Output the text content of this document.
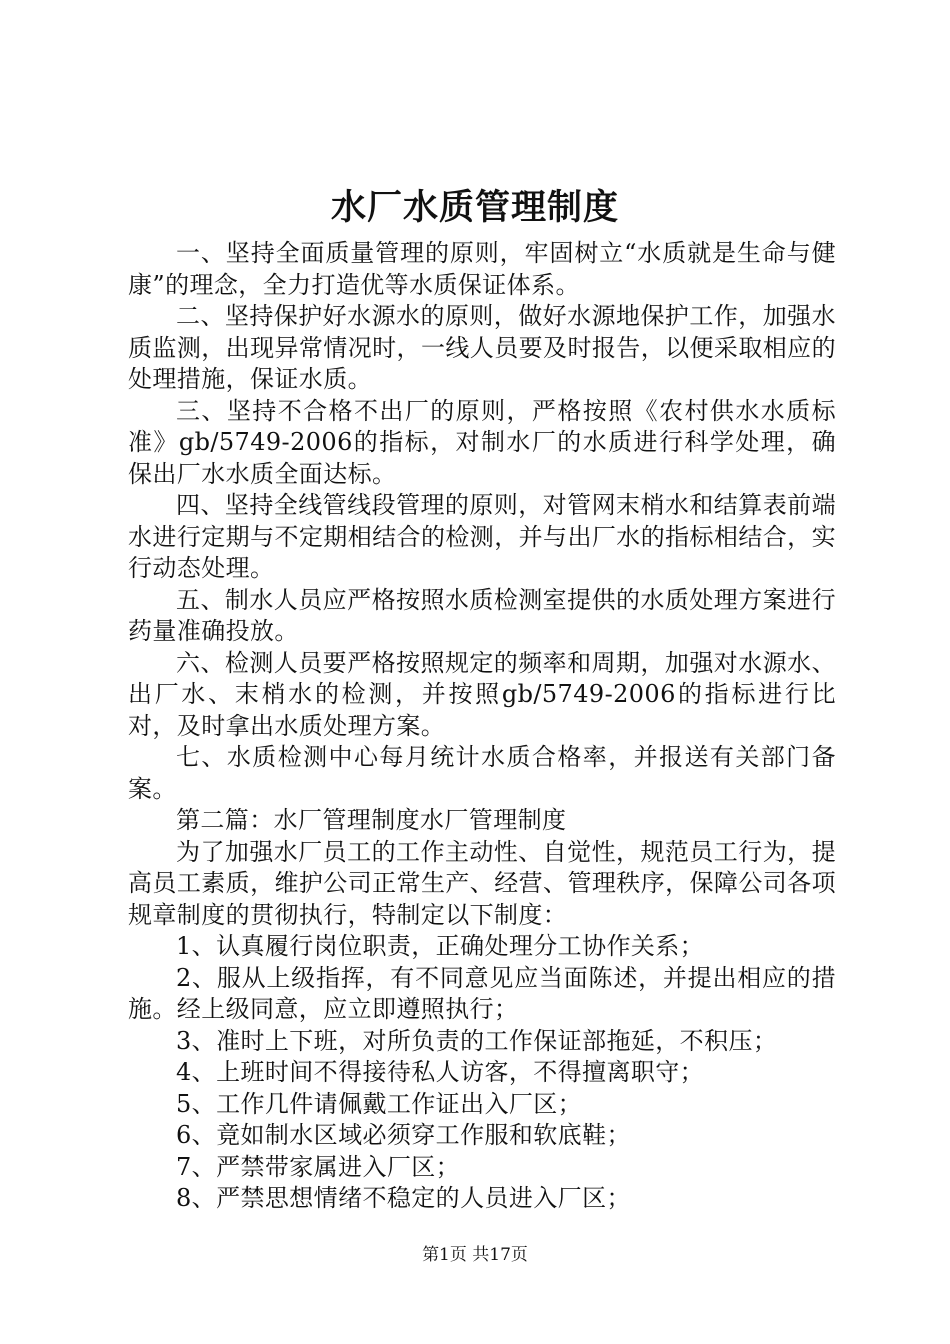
水厂水质管理制度

一、坚持全面质量管理的原则，牢固树立“水质就是生命与健康”的理念，全力打造优等水质保证体系。

二、坚持保护好水源水的原则，做好水源地保护工作，加强水质监测，出现异常情况时，一线人员要及时报告，以便采取相应的处理措施，保证水质。

三、坚持不合格不出厂的原则，严格按照《农村供水水质标准》gb/5749-2006的指标，对制水厂的水质进行科学处理，确保出厂水水质全面达标。

四、坚持全线管线段管理的原则，对管网末梢水和结算表前端水进行定期与不定期相结合的检测，并与出厂水的指标相结合，实行动态处理。

五、制水人员应严格按照水质检测室提供的水质处理方案进行药量准确投放。

六、检测人员要严格按照规定的频率和周期，加强对水源水、出厂水、末梢水的检测，并按照gb/5749-2006的指标进行比对，及时拿出水质处理方案。

七、水质检测中心每月统计水质合格率，并报送有关部门备案。

第二篇：水厂管理制度水厂管理制度

为了加强水厂员工的工作主动性、自觉性，规范员工行为，提高员工素质，维护公司正常生产、经营、管理秩序，保障公司各项规章制度的贯彻执行，特制定以下制度：

1、认真履行岗位职责，正确处理分工协作关系；

2、服从上级指挥，有不同意见应当面陈述，并提出相应的措施。经上级同意，应立即遵照执行；

3、准时上下班，对所负责的工作保证部拖延，不积压；

4、上班时间不得接待私人访客，不得擅离职守；

5、工作几件请佩戴工作证出入厂区；

6、竟如制水区域必须穿工作服和软底鞋；

7、严禁带家属进入厂区；

8、严禁思想情绪不稳定的人员进入厂区；

第1页 共17页
